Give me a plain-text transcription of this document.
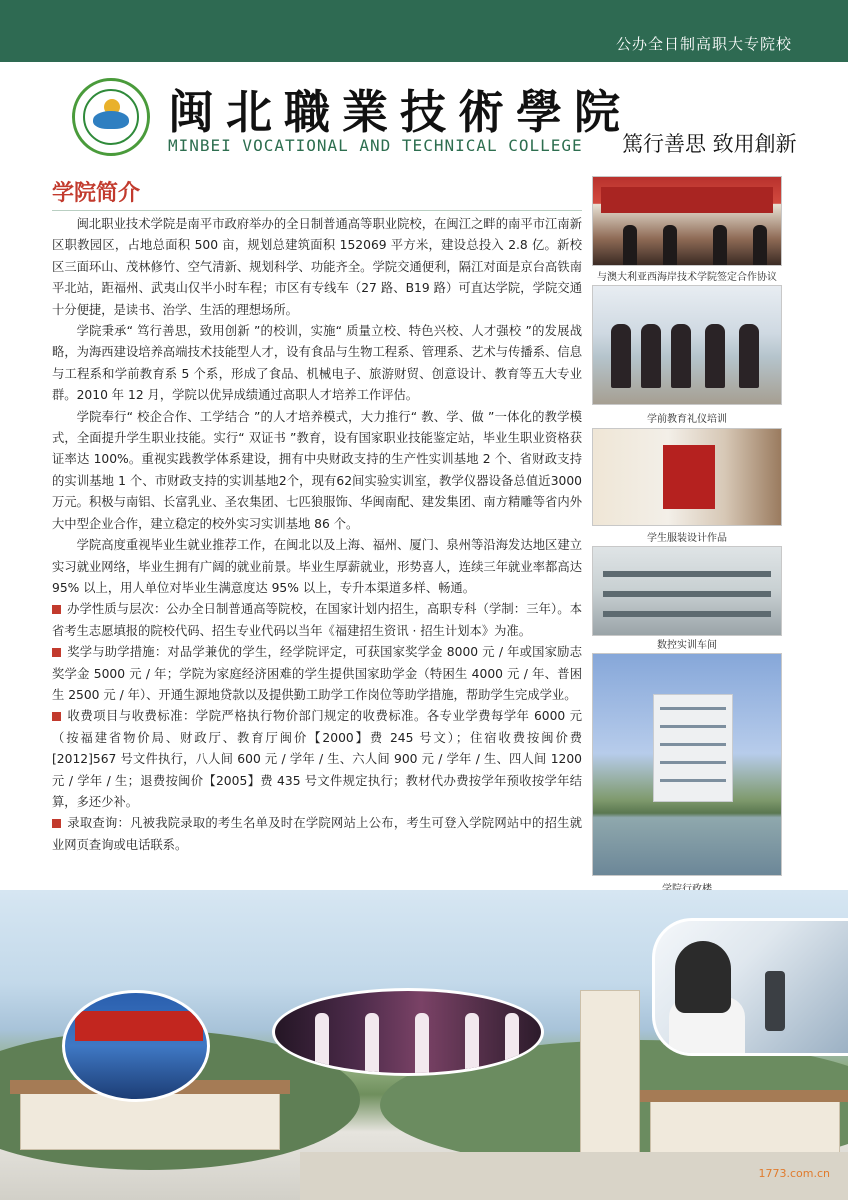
公办全日制高职大专院校
闽北職業技術學院
MINBEI VOCATIONAL AND TECHNICAL COLLEGE 篤行善思 致用創新
学院简介

闽北职业技术学院是南平市政府举办的全日制普通高等职业院校，在闽江之畔的南平市江南新区职教园区，占地总面积 500 亩，规划总建筑面积 152069 平方米，建设总投入 2.8 亿。新校区三面环山、茂林修竹、空气清新、规划科学、功能齐全。学院交通便利，隔江对面是京台高铁南平北站，距福州、武夷山仅半小时车程；市区有专线车（27 路、B19 路）可直达学院，学院交通十分便捷，是读书、治学、生活的理想场所。

学院秉承“ 笃行善思，致用创新 ”的校训，实施“ 质量立校、特色兴校、人才强校 ”的发展战略，为海西建设培养高端技术技能型人才，设有食品与生物工程系、管理系、艺术与传播系、信息与工程系和学前教育系 5 个系，形成了食品、机械电子、旅游财贸、创意设计、教育等五大专业群。2010 年 12 月，学院以优异成绩通过高职人才培养工作评估。

学院奉行“ 校企合作、工学结合 ”的人才培养模式，大力推行“ 教、学、做 ”一体化的教学模式，全面提升学生职业技能。实行“ 双证书 ”教育，设有国家职业技能鉴定站，毕业生职业资格获证率达 100%。重视实践教学体系建设，拥有中央财政支持的生产性实训基地 2 个、省财政支持的实训基地 1 个、市财政支持的实训基地2个，现有62间实验实训室，教学仪器设备总值近3000万元。积极与南铝、长富乳业、圣农集团、七匹狼服饰、华闽南配、建发集团、南方精雕等省内外大中型企业合作，建立稳定的校外实习实训基地 86 个。

学院高度重视毕业生就业推荐工作，在闽北以及上海、福州、厦门、泉州等沿海发达地区建立实习就业网络，毕业生拥有广阔的就业前景。毕业生厚薪就业，形势喜人，连续三年就业率都高达 95% 以上，用人单位对毕业生满意度达 95% 以上，专升本渠道多样、畅通。

办学性质与层次：公办全日制普通高等院校，在国家计划内招生，高职专科（学制：三年）。本省考生志愿填报的院校代码、招生专业代码以当年《福建招生资讯 · 招生计划本》为准。

奖学与助学措施：对品学兼优的学生，经学院评定，可获国家奖学金 8000 元 / 年或国家励志奖学金 5000 元 / 年；学院为家庭经济困难的学生提供国家助学金（特困生 4000 元 / 年、普困生 2500 元 / 年）、开通生源地贷款以及提供勤工助学工作岗位等助学措施，帮助学生完成学业。

收费项目与收费标准：学院严格执行物价部门规定的收费标准。各专业学费每学年 6000 元（按福建省物价局、财政厅、教育厅闽价【2000】费 245 号文）；住宿收费按闽价费 [2012]567 号文件执行，八人间 600 元 / 学年 / 生、六人间 900 元 / 学年 / 生、四人间 1200 元 / 学年 / 生；退费按闽价【2005】费 435 号文件规定执行；教材代办费按学年预收按学年结算，多还少补。

录取查询：凡被我院录取的考生名单及时在学院网站上公布，考生可登入学院网站中的招生就业网页查询或电话联系。

与澳大利亚西海岸技术学院签定合作协议
学前教育礼仪培训
学生服装设计作品
数控实训车间
1773.com.cn
